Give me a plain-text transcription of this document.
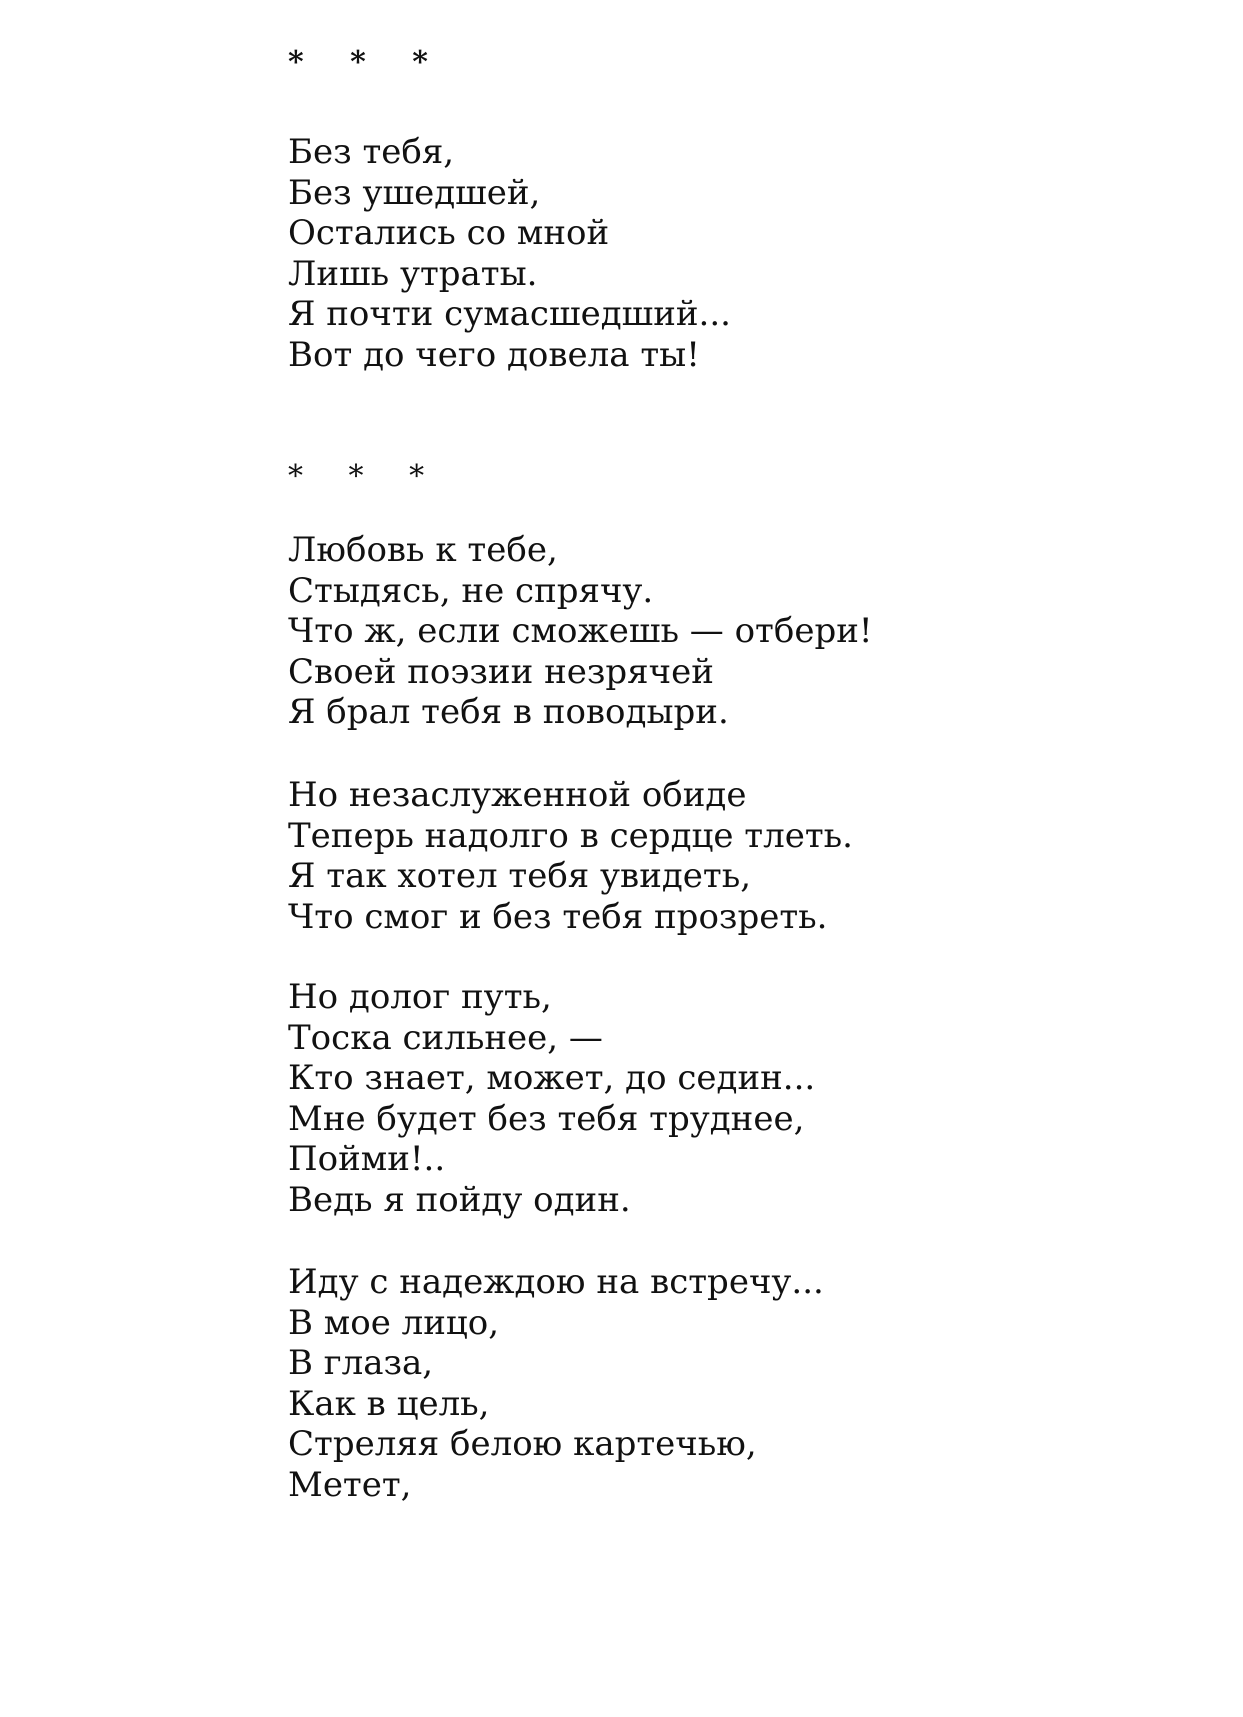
* * *
Без тебя,
Без ушедшей,
Остались со мной
Лишь утраты.
Я почти сумасшедший...
Вот до чего довела ты!
* * *
Любовь к тебе,
Стыдясь, не спрячу.
Что ж, если сможешь — отбери!
Своей поэзии незрячей
Я брал тебя в поводыри.
Но незаслуженной обиде
Теперь надолго в сердце тлеть.
Я так хотел тебя увидеть,
Что смог и без тебя прозреть.
Но долог путь,
Тоска сильнее, —
Кто знает, может, до седин...
Мне будет без тебя труднее,
Пойми!..
Ведь я пойду один.
Иду с надеждою на встречу...
В мое лицо,
В глаза,
Как в цель,
Стреляя белою картечью,
Метет,
